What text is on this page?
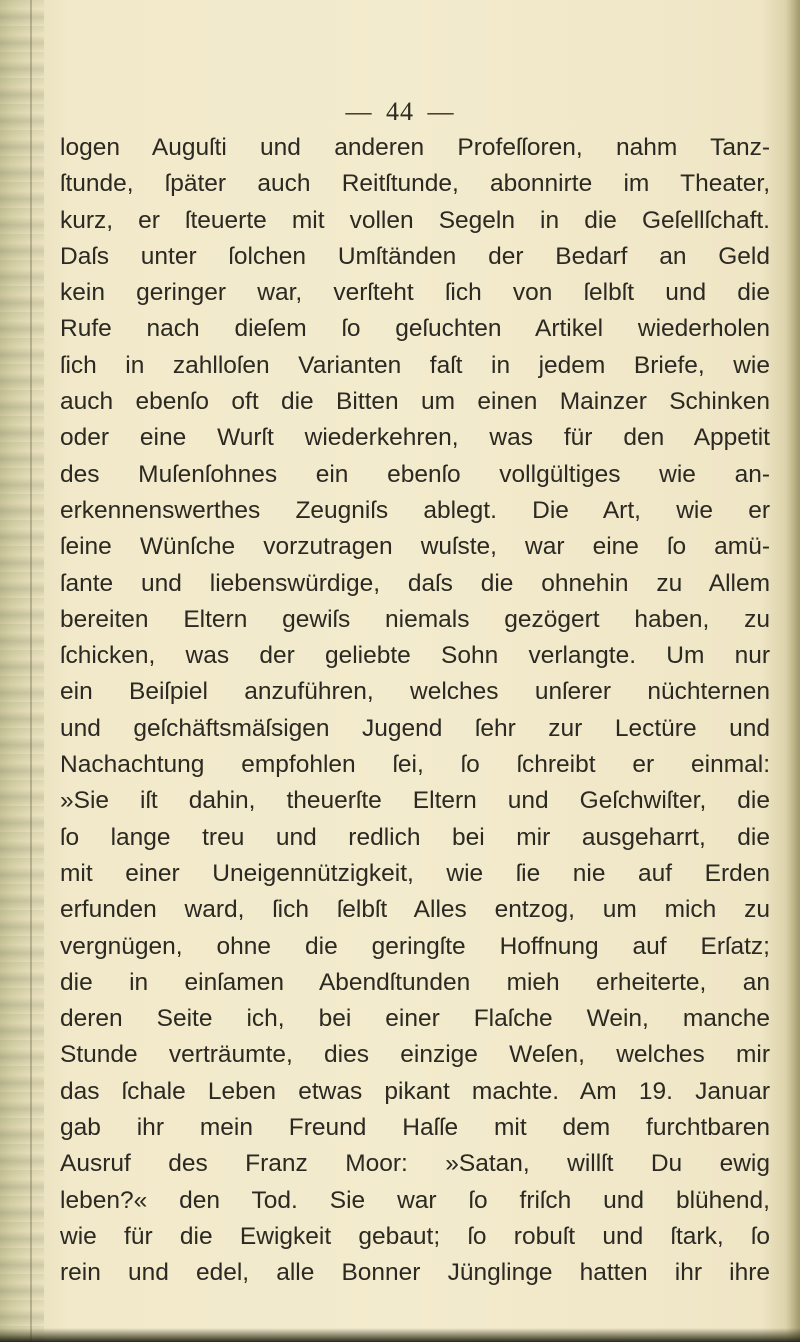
— 44 —
logen Auguſti und anderen Profeſſoren, nahm Tanz-
ſtunde, ſpäter auch Reitſtunde, abonnirte im Theater,
kurz, er ſteuerte mit vollen Segeln in die Geſellſchaft.
Daſs unter ſolchen Umſtänden der Bedarf an Geld
kein geringer war, verſteht ſich von ſelbſt und die
Rufe nach dieſem ſo geſuchten Artikel wiederholen
ſich in zahlloſen Varianten faſt in jedem Briefe, wie
auch ebenſo oft die Bitten um einen Mainzer Schinken
oder eine Wurſt wiederkehren, was für den Appetit
des Muſenſohnes ein ebenſo vollgültiges wie an-
erkennenswerthes Zeugniſs ablegt. Die Art, wie er
ſeine Wünſche vorzutragen wuſste, war eine ſo amü-
ſante und liebenswürdige, daſs die ohnehin zu Allem
bereiten Eltern gewiſs niemals gezögert haben, zu
ſchicken, was der geliebte Sohn verlangte. Um nur
ein Beiſpiel anzuführen, welches unſerer nüchternen
und geſchäftsmäſsigen Jugend ſehr zur Lectüre und
Nachachtung empfohlen ſei, ſo ſchreibt er einmal:
»Sie iſt dahin, theuerſte Eltern und Geſchwiſter, die
ſo lange treu und redlich bei mir ausgeharrt, die
mit einer Uneigennützigkeit, wie ſie nie auf Erden
erfunden ward, ſich ſelbſt Alles entzog, um mich zu
vergnügen, ohne die geringſte Hoffnung auf Erſatz;
die in einſamen Abendſtunden mieh erheiterte, an
deren Seite ich, bei einer Flaſche Wein, manche
Stunde verträumte, dies einzige Weſen, welches mir
das ſchale Leben etwas pikant machte. Am 19. Januar
gab ihr mein Freund Haſſe mit dem furchtbaren
Ausruf des Franz Moor: »Satan, willſt Du ewig
leben?« den Tod. Sie war ſo friſch und blühend,
wie für die Ewigkeit gebaut; ſo robuſt und ſtark, ſo
rein und edel, alle Bonner Jünglinge hatten ihr ihre
